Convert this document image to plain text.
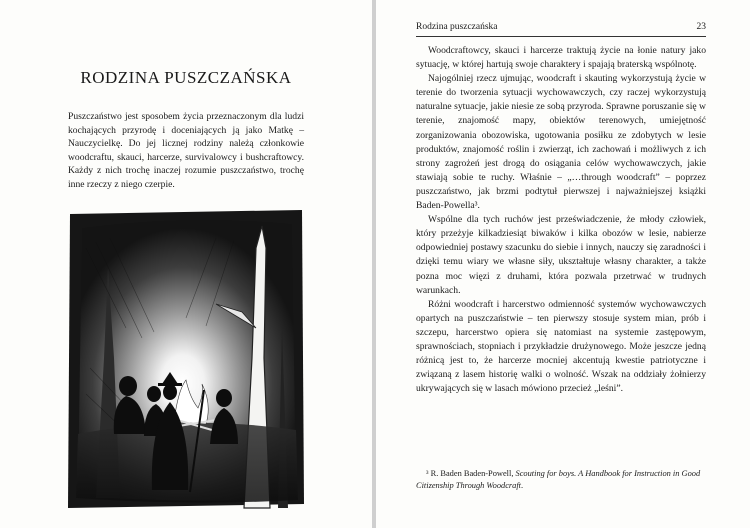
RODZINA PUSZCZAŃSKA

Puszczaństwo jest sposobem życia przeznaczonym dla ludzi kochających przyrodę i doceniających ją jako Matkę – Nauczycielkę. Do jej licznej rodziny należą członkowie woodcraftu, skauci, harcerze, survivalowcy i bushcraftowcy. Każdy z nich trochę inaczej rozumie puszczaństwo, trochę inne rzeczy z niego czerpie.

Rodzina puszczańska	23

Woodcraftowcy, skauci i harcerze traktują życie na łonie natury jako sytuację, w której hartują swoje charaktery i spajają braterską wspólnotę.

Najogólniej rzecz ujmując, woodcraft i skauting wykorzystują życie w terenie do tworzenia sytuacji wychowawczych, czy raczej wykorzystują naturalne sytuacje, jakie niesie ze sobą przyroda. Sprawne poruszanie się w terenie, znajomość mapy, obiektów terenowych, umiejętność zorganizowania obozowiska, ugotowania posiłku ze zdobytych w lesie produktów, znajomość roślin i zwierząt, ich zachowań i możliwych z ich strony zagrożeń jest drogą do osiągania celów wychowawczych, jakie stawiają sobie te ruchy. Właśnie – „…through woodcraft” – poprzez puszczaństwo, jak brzmi podtytuł pierwszej i najważniejszej książki Baden-Powella³.

Wspólne dla tych ruchów jest przeświadczenie, że młody człowiek, który przeżyje kilkadziesiąt biwaków i kilka obozów w lesie, nabierze odpowiedniej postawy szacunku do siebie i innych, nauczy się zaradności i dzięki temu wiary we własne siły, ukształtuje własny charakter, a także pozna moc więzi z druhami, która pozwala przetrwać w trudnych warunkach.

Różni woodcraft i harcerstwo odmienność systemów wychowawczych opartych na puszczaństwie – ten pierwszy stosuje system mian, prób i szczepu, harcerstwo opiera się natomiast na systemie zastępowym, sprawnościach, stopniach i przykładzie drużynowego. Może jeszcze jedną różnicą jest to, że harcerze mocniej akcentują kwestie patriotyczne i związaną z lasem historię walki o wolność. Wszak na oddziały żołnierzy ukrywających się w lasach mówiono przecież „leśni”.

³ R. Baden Baden-Powell, Scouting for boys. A Handbook for Instruction in Good Citizenship Through Woodcraft.
